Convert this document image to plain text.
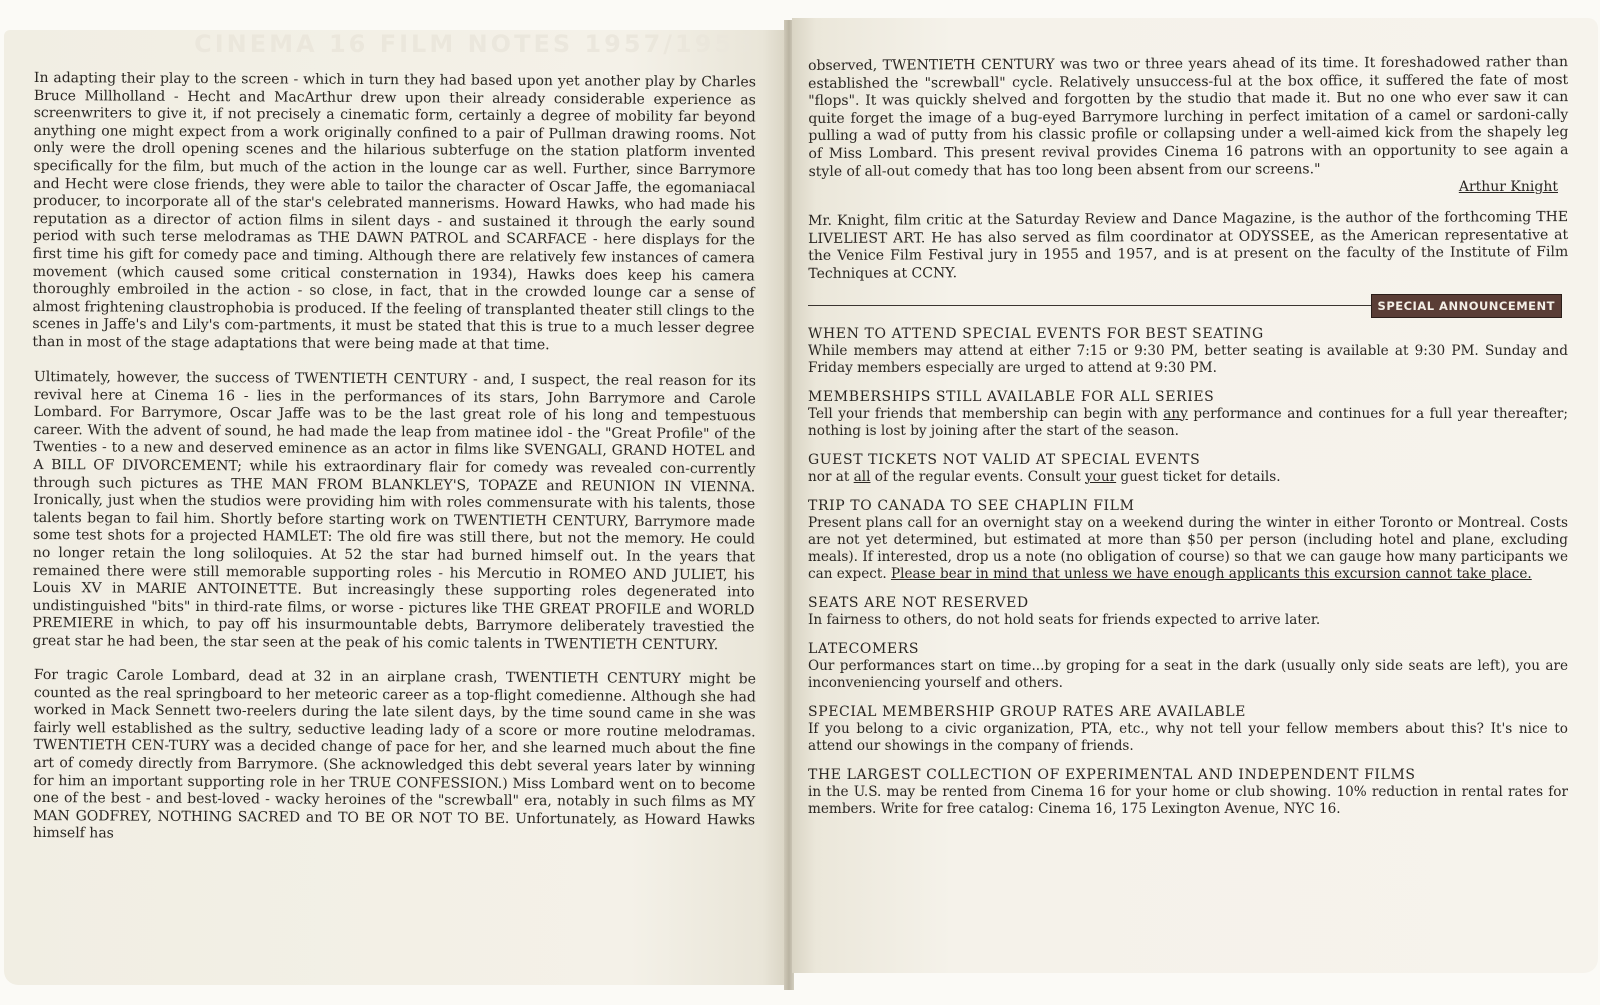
CINEMA 16 FILM NOTES 1957/1958

In adapting their play to the screen - which in turn they had based upon yet another play by Charles Bruce Millholland - Hecht and MacArthur drew upon their already considerable experience as screenwriters to give it, if not precisely a cinematic form, certainly a degree of mobility far beyond anything one might expect from a work originally confined to a pair of Pullman drawing rooms. Not only were the droll opening scenes and the hilarious subterfuge on the station platform invented specifically for the film, but much of the action in the lounge car as well. Further, since Barrymore and Hecht were close friends, they were able to tailor the character of Oscar Jaffe, the egomaniacal producer, to incorporate all of the star's celebrated mannerisms. Howard Hawks, who had made his reputation as a director of action films in silent days - and sustained it through the early sound period with such terse melodramas as THE DAWN PATROL and SCARFACE - here displays for the first time his gift for comedy pace and timing. Although there are relatively few instances of camera movement (which caused some critical consternation in 1934), Hawks does keep his camera thoroughly embroiled in the action - so close, in fact, that in the crowded lounge car a sense of almost frightening claustrophobia is produced. If the feeling of transplanted theater still clings to the scenes in Jaffe's and Lily's com-partments, it must be stated that this is true to a much lesser degree than in most of the stage adaptations that were being made at that time.

Ultimately, however, the success of TWENTIETH CENTURY - and, I suspect, the real reason for its revival here at Cinema 16 - lies in the performances of its stars, John Barrymore and Carole Lombard. For Barrymore, Oscar Jaffe was to be the last great role of his long and tempestuous career. With the advent of sound, he had made the leap from matinee idol - the "Great Profile" of the Twenties - to a new and deserved eminence as an actor in films like SVENGALI, GRAND HOTEL and A BILL OF DIVORCEMENT; while his extraordinary flair for comedy was revealed con-currently through such pictures as THE MAN FROM BLANKLEY'S, TOPAZE and REUNION IN VIENNA. Ironically, just when the studios were providing him with roles commensurate with his talents, those talents began to fail him. Shortly before starting work on TWENTIETH CENTURY, Barrymore made some test shots for a projected HAMLET: The old fire was still there, but not the memory. He could no longer retain the long soliloquies. At 52 the star had burned himself out. In the years that remained there were still memorable supporting roles - his Mercutio in ROMEO AND JULIET, his Louis XV in MARIE ANTOINETTE. But increasingly these supporting roles degenerated into undistinguished "bits" in third-rate films, or worse - pictures like THE GREAT PROFILE and WORLD PREMIERE in which, to pay off his insurmountable debts, Barrymore deliberately travestied the great star he had been, the star seen at the peak of his comic talents in TWENTIETH CENTURY.

For tragic Carole Lombard, dead at 32 in an airplane crash, TWENTIETH CENTURY might be counted as the real springboard to her meteoric career as a top-flight comedienne. Although she had worked in Mack Sennett two-reelers during the late silent days, by the time sound came in she was fairly well established as the sultry, seductive leading lady of a score or more routine melodramas. TWENTIETH CEN-TURY was a decided change of pace for her, and she learned much about the fine art of comedy directly from Barrymore. (She acknowledged this debt several years later by winning for him an important supporting role in her TRUE CONFESSION.) Miss Lombard went on to become one of the best - and best-loved - wacky heroines of the "screwball" era, notably in such films as MY MAN GODFREY, NOTHING SACRED and TO BE OR NOT TO BE. Unfortunately, as Howard Hawks himself has

observed, TWENTIETH CENTURY was two or three years ahead of its time. It foreshadowed rather than established the "screwball" cycle. Relatively unsuccess-ful at the box office, it suffered the fate of most "flops". It was quickly shelved and forgotten by the studio that made it. But no one who ever saw it can quite forget the image of a bug-eyed Barrymore lurching in perfect imitation of a camel or sardoni-cally pulling a wad of putty from his classic profile or collapsing under a well-aimed kick from the shapely leg of Miss Lombard. This present revival provides Cinema 16 patrons with an opportunity to see again a style of all-out comedy that has too long been absent from our screens."

Arthur Knight

Mr. Knight, film critic at the Saturday Review and Dance Magazine, is the author of the forthcoming THE LIVELIEST ART. He has also served as film coordinator at ODYSSEE, as the American representative at the Venice Film Festival jury in 1955 and 1957, and is at present on the faculty of the Institute of Film Techniques at CCNY.

SPECIAL ANNOUNCEMENT
WHEN TO ATTEND SPECIAL EVENTS FOR BEST SEATING
While members may attend at either 7:15 or 9:30 PM, better seating is available at 9:30 PM. Sunday and Friday members especially are urged to attend at 9:30 PM.
MEMBERSHIPS STILL AVAILABLE FOR ALL SERIES
Tell your friends that membership can begin with any performance and continues for a full year thereafter; nothing is lost by joining after the start of the season.
GUEST TICKETS NOT VALID AT SPECIAL EVENTS
nor at all of the regular events. Consult your guest ticket for details.
TRIP TO CANADA TO SEE CHAPLIN FILM
Present plans call for an overnight stay on a weekend during the winter in either Toronto or Montreal. Costs are not yet determined, but estimated at more than $50 per person (including hotel and plane, excluding meals). If interested, drop us a note (no obligation of course) so that we can gauge how many participants we can expect. Please bear in mind that unless we have enough applicants this excursion cannot take place.
SEATS ARE NOT RESERVED
In fairness to others, do not hold seats for friends expected to arrive later.
LATECOMERS
Our performances start on time...by groping for a seat in the dark (usually only side seats are left), you are inconveniencing yourself and others.
SPECIAL MEMBERSHIP GROUP RATES ARE AVAILABLE
If you belong to a civic organization, PTA, etc., why not tell your fellow members about this? It's nice to attend our showings in the company of friends.
THE LARGEST COLLECTION OF EXPERIMENTAL AND INDEPENDENT FILMS
in the U.S. may be rented from Cinema 16 for your home or club showing. 10% reduction in rental rates for members. Write for free catalog: Cinema 16, 175 Lexington Avenue, NYC 16.
